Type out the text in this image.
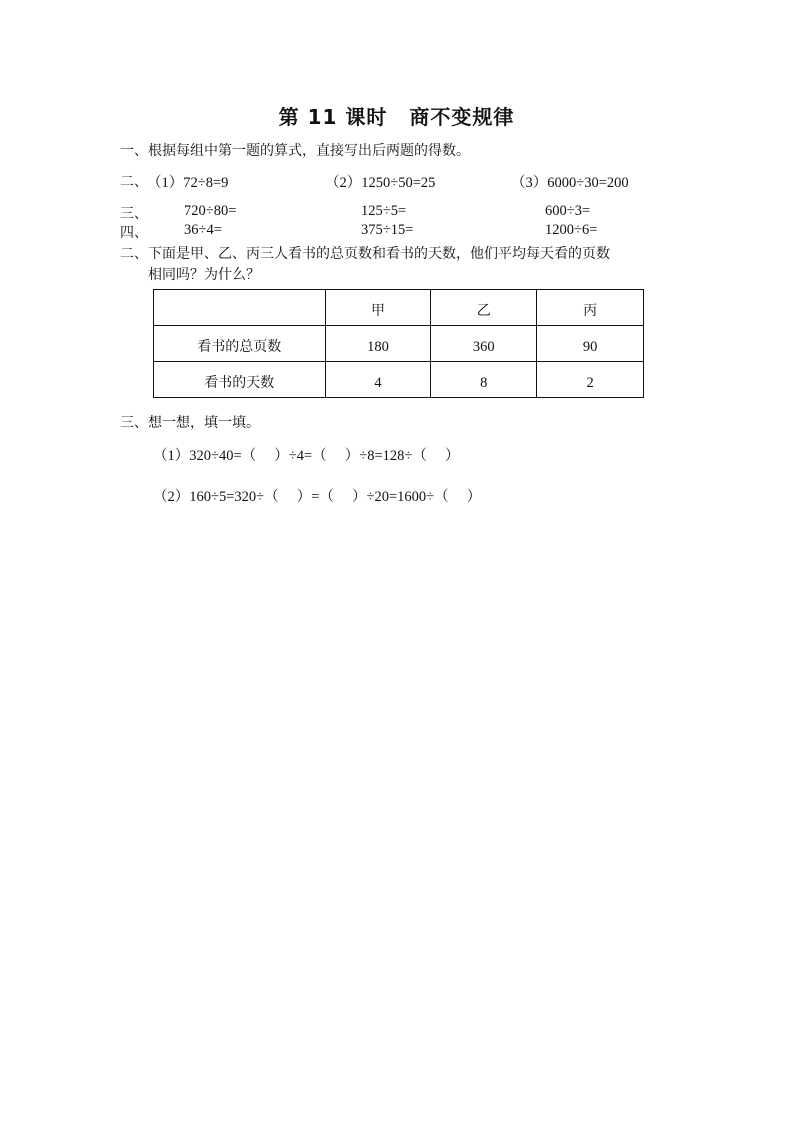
第 11 课时 商不变规律
一、根据每组中第一题的算式，直接写出后两题的得数。
二、 （1）72÷8=9	（2）1250÷50=25	（3）6000÷30=200
三、 720÷80=	125÷5=	600÷3=
四、 36÷4=	375÷15=	1200÷6=
二、下面是甲、乙、丙三人看书的总页数和看书的天数，他们平均每天看的页数
相同吗？为什么？
	甲	乙	丙
看书的总页数	180	360	90
看书的天数	4	8	2
三、想一想，填一填。
（1）320÷40=（　 ）÷4=（　 ）÷8=128÷（　 ）
（2）160÷5=320÷（　 ）=（　 ）÷20=1600÷（　 ）
